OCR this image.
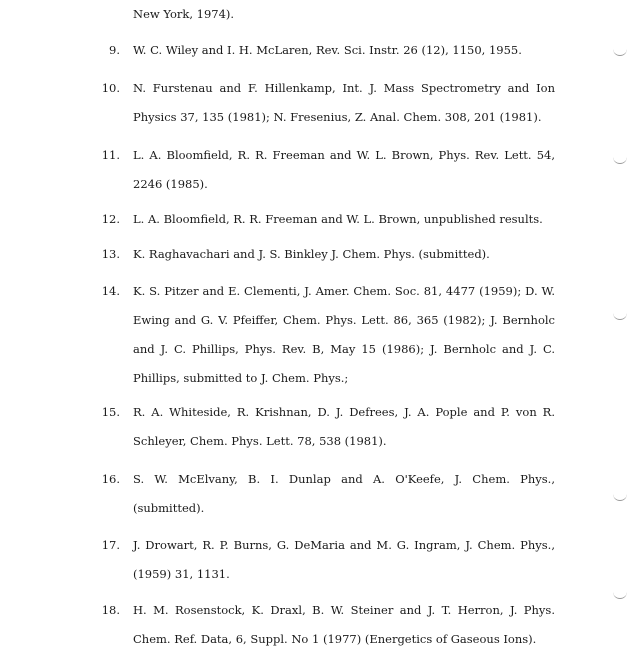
New York, 1974).
9. W. C. Wiley and I. H. McLaren, Rev. Sci. Instr. 26 (12), 1150, 1955.
10. N. Furstenau and F. Hillenkamp, Int. J. Mass Spectrometry and Ion
Physics 37, 135 (1981); N. Fresenius, Z. Anal. Chem. 308, 201 (1981).
11. L. A. Bloomfield, R. R. Freeman and W. L. Brown, Phys. Rev. Lett. 54,
2246 (1985).
12. L. A. Bloomfield, R. R. Freeman and W. L. Brown, unpublished results.
13. K. Raghavachari and J. S. Binkley J. Chem. Phys. (submitted).
14. K. S. Pitzer and E. Clementi, J. Amer. Chem. Soc. 81, 4477 (1959); D. W.
Ewing and G. V. Pfeiffer, Chem. Phys. Lett. 86, 365 (1982); J. Bernholc
and J. C. Phillips, Phys. Rev. B, May 15 (1986); J. Bernholc and J. C.
Phillips, submitted to J. Chem. Phys.;
15. R. A. Whiteside, R. Krishnan, D. J. Defrees, J. A. Pople and P. von R.
Schleyer, Chem. Phys. Lett. 78, 538 (1981).
16. S. W. McElvany, B. I. Dunlap and A. O'Keefe, J. Chem. Phys.,
(submitted).
17. J. Drowart, R. P. Burns, G. DeMaria and M. G. Ingram, J. Chem. Phys.,
(1959) 31, 1131.
18. H. M. Rosenstock, K. Draxl, B. W. Steiner and J. T. Herron, J. Phys.
Chem. Ref. Data, 6, Suppl. No 1 (1977) (Energetics of Gaseous Ions).
